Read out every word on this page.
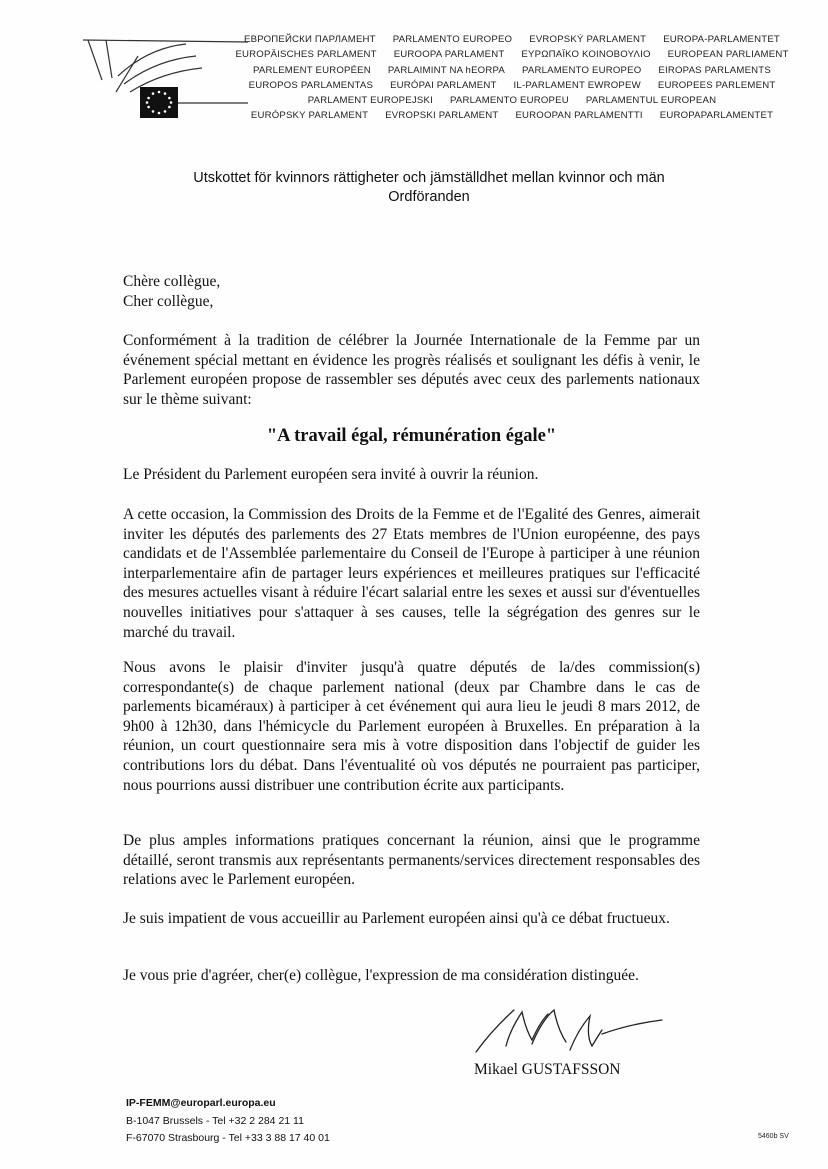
ЕВРОПЕЙСКИ ПАРЛАМЕНТ PARLAMENTO EUROPEO EVROPSKÝ PARLAMENT EUROPA-PARLAMENTET
EUROPÄISCHES PARLAMENT EUROOPA PARLAMENT ΕΥΡΩΠΑΪΚΟ ΚΟΙΝΟΒΟΥΛΙΟ EUROPEAN PARLIAMENT
PARLEMENT EUROPÉEN PARLAIMINT NA hEORPA PARLAMENTO EUROPEO EIROPAS PARLAMENTS
EUROPOS PARLAMENTAS EURÓPAI PARLAMENT IL-PARLAMENT EWROPEW EUROPEES PARLEMENT
PARLAMENT EUROPEJSKI PARLAMENTO EUROPEU PARLAMENTUL EUROPEAN
EURÓPSKY PARLAMENT EVROPSKI PARLAMENT EUROOPAN PARLAMENTTI EUROPAPARLAMENTET
Utskottet för kvinnors rättigheter och jämställdhet mellan kvinnor och män
Ordföranden
Chère collègue,
Cher collègue,
Conformément à la tradition de célébrer la Journée Internationale de la Femme par un événement spécial mettant en évidence les progrès réalisés et soulignant les défis à venir, le Parlement européen propose de rassembler ses députés avec ceux des parlements nationaux sur le thème suivant:
"A travail égal, rémunération égale"
Le Président du Parlement européen sera invité à ouvrir la réunion.
A cette occasion, la Commission des Droits de la Femme et de l'Egalité des Genres, aimerait inviter les députés des parlements des 27 Etats membres de l'Union européenne, des pays candidats et de l'Assemblée parlementaire du Conseil de l'Europe à participer à une réunion interparlementaire afin de partager leurs expériences et meilleures pratiques sur l'efficacité des mesures actuelles visant à réduire l'écart salarial entre les sexes et aussi sur d'éventuelles nouvelles initiatives pour s'attaquer à ses causes, telle la ségrégation des genres sur le marché du travail.
Nous avons le plaisir d'inviter jusqu'à quatre députés de la/des commission(s) correspondante(s) de chaque parlement national (deux par Chambre dans le cas de parlements bicaméraux) à participer à cet événement qui aura lieu le jeudi 8 mars 2012, de 9h00 à 12h30, dans l'hémicycle du Parlement européen à Bruxelles. En préparation à la réunion, un court questionnaire sera mis à votre disposition dans l'objectif de guider les contributions lors du débat. Dans l'éventualité où vos députés ne pourraient pas participer, nous pourrions aussi distribuer une contribution écrite aux participants.
De plus amples informations pratiques concernant la réunion, ainsi que le programme détaillé, seront transmis aux représentants permanents/services directement responsables des relations avec le Parlement européen.
Je suis impatient de vous accueillir au Parlement européen ainsi qu'à ce débat fructueux.
Je vous prie d'agréer, cher(e) collègue, l'expression de ma considération distinguée.
Mikael GUSTAFSSON
IP-FEMM@europarl.europa.eu
B-1047 Brussels - Tel +32 2 284 21 11
F-67070 Strasbourg - Tel +33 3 88 17 40 01	5460b SV
